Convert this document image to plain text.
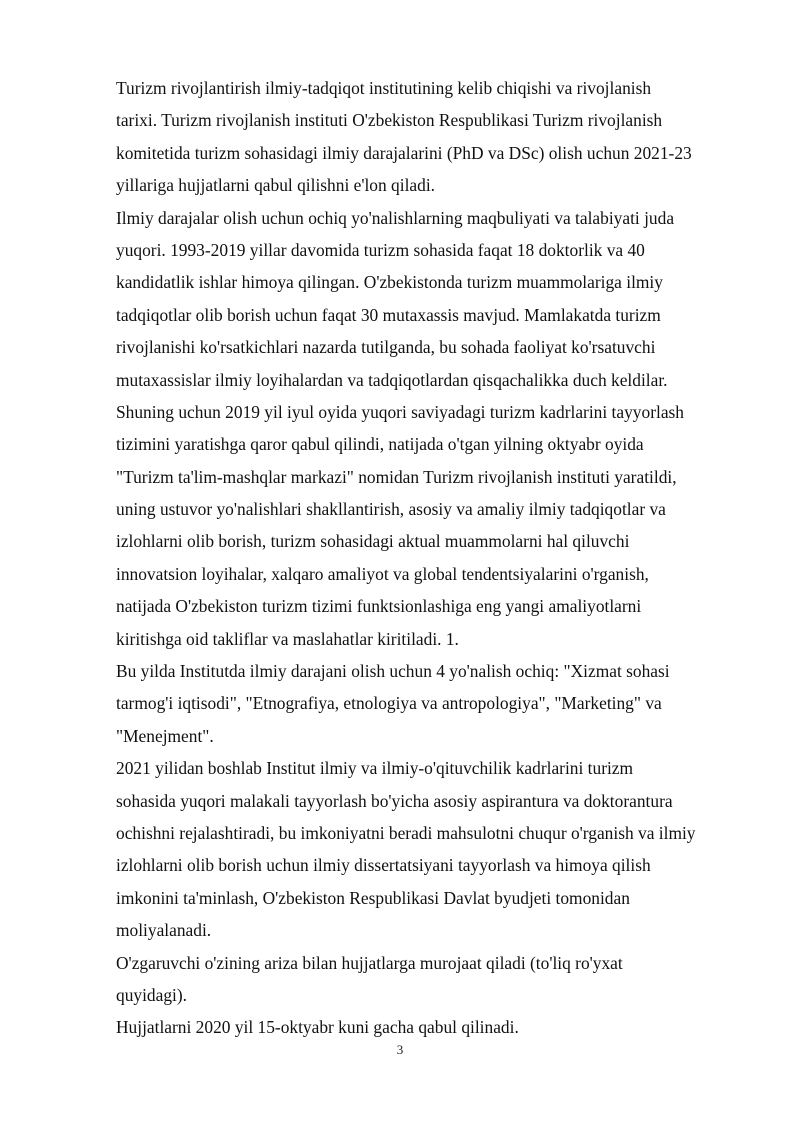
Turizm rivojlantirish ilmiy-tadqiqot institutining kelib chiqishi va rivojlanish
tarixi. Turizm rivojlanish instituti O'zbekiston Respublikasi Turizm rivojlanish
komitetida turizm sohasidagi ilmiy darajalarini (PhD va DSc) olish uchun 2021-23
yillariga hujjatlarni qabul qilishni e'lon qiladi.
Ilmiy darajalar olish uchun ochiq yo'nalishlarning maqbuliyati va talabiyati juda
yuqori. 1993-2019 yillar davomida turizm sohasida faqat 18 doktorlik va 40
kandidatlik ishlar himoya qilingan. O'zbekistonda turizm muammolariga ilmiy
tadqiqotlar olib borish uchun faqat 30 mutaxassis mavjud. Mamlakatda turizm
rivojlanishi ko'rsatkichlari nazarda tutilganda, bu sohada faoliyat ko'rsatuvchi
mutaxassislar ilmiy loyihalardan va tadqiqotlardan qisqachalikka duch keldilar.
Shuning uchun 2019 yil iyul oyida yuqori saviyadagi turizm kadrlarini tayyorlash
tizimini yaratishga qaror qabul qilindi, natijada o'tgan yilning oktyabr oyida
"Turizm ta'lim-mashqlar markazi" nomidan Turizm rivojlanish instituti yaratildi,
uning ustuvor yo'nalishlari shakllantirish, asosiy va amaliy ilmiy tadqiqotlar va
izlohlarni olib borish, turizm sohasidagi aktual muammolarni hal qiluvchi
innovatsion loyihalar, xalqaro amaliyot va global tendentsiyalarini o'rganish,
natijada O'zbekiston turizm tizimi funktsionlashiga eng yangi amaliyotlarni
kiritishga oid takliflar va maslahatlar kiritiladi. 1.
Bu yilda Institutda ilmiy darajani olish uchun 4 yo'nalish ochiq: "Xizmat sohasi
tarmog'i iqtisodi", "Etnografiya, etnologiya va antropologiya", "Marketing" va
"Menejment".
2021 yilidan boshlab Institut ilmiy va ilmiy-o'qituvchilik kadrlarini turizm
sohasida yuqori malakali tayyorlash bo'yicha asosiy aspirantura va doktorantura
ochishni rejalashtiradi, bu imkoniyatni beradi mahsulotni chuqur o'rganish va ilmiy
izlohlarni olib borish uchun ilmiy dissertatsiyani tayyorlash va himoya qilish
imkonini ta'minlash, O'zbekiston Respublikasi Davlat byudjeti tomonidan
moliyalanadi.
O'zgaruvchi o'zining ariza bilan hujjatlarga murojaat qiladi (to'liq ro'yxat
quyidagi).
Hujjatlarni 2020 yil 15-oktyabr kuni gacha qabul qilinadi.
3
